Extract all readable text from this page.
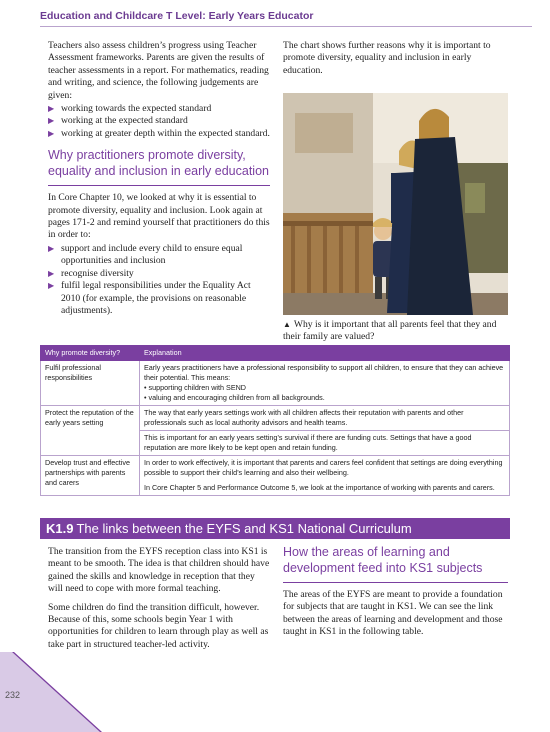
Education and Childcare T Level: Early Years Educator

Teachers also assess children’s progress using Teacher Assessment frameworks. Parents are given the results of teacher assessments in a report. For mathematics, reading and writing, and science, the following judgements are given:

▶ working towards the expected standard
▶ working at the expected standard
▶ working at greater depth within the expected standard.
Why practitioners promote diversity, equality and inclusion in early education

In Core Chapter 10, we looked at why it is essential to promote diversity, equality and inclusion. Look again at pages 171-2 and remind yourself that practitioners do this in order to:

▶ support and include every child to ensure equal opportunities and inclusion
▶ recognise diversity
▶ fulfil legal responsibilities under the Equality Act 2010 (for example, the provisions on reasonable adjustments).

The chart shows further reasons why it is important to promote diversity, equality and inclusion in early education.

▲ Why is it important that all parents feel that they and their family are valued?
Why promote diversity?	Explanation
Fulfil professional responsibilities	Early years practitioners have a professional responsibility to support all children, to ensure that they can achieve their potential. This means:
• supporting children with SEND
• valuing and encouraging children from all backgrounds.

Protect the reputation of the early years setting	The way that early years settings work with all children affects their reputation with parents and other professionals such as local authority advisors and health teams.
	This is important for an early years setting’s survival if there are funding cuts. Settings that have a good reputation are more likely to be kept open and retain funding.
Develop trust and effective partnerships with parents and carers	In order to work effectively, it is important that parents and carers feel confident that settings are doing everything possible to support their child’s learning and also their wellbeing.
In Core Chapter 5 and Performance Outcome 5, we look at the importance of working with parents and carers.
K1.9 The links between the EYFS and KS1 National Curriculum

The transition from the EYFS reception class into KS1 is meant to be smooth. The idea is that children should have gained the skills and knowledge in reception that they will need to cope with more formal teaching.

Some children do find the transition difficult, however. Because of this, some schools begin Year 1 with opportunities for children to learn through play as well as take part in structured teacher-led activity.

How the areas of learning and development feed into KS1 subjects

The areas of the EYFS are meant to provide a foundation for subjects that are taught in KS1. We can see the link between the areas of learning and development and those taught in KS1 in the following table.

232
